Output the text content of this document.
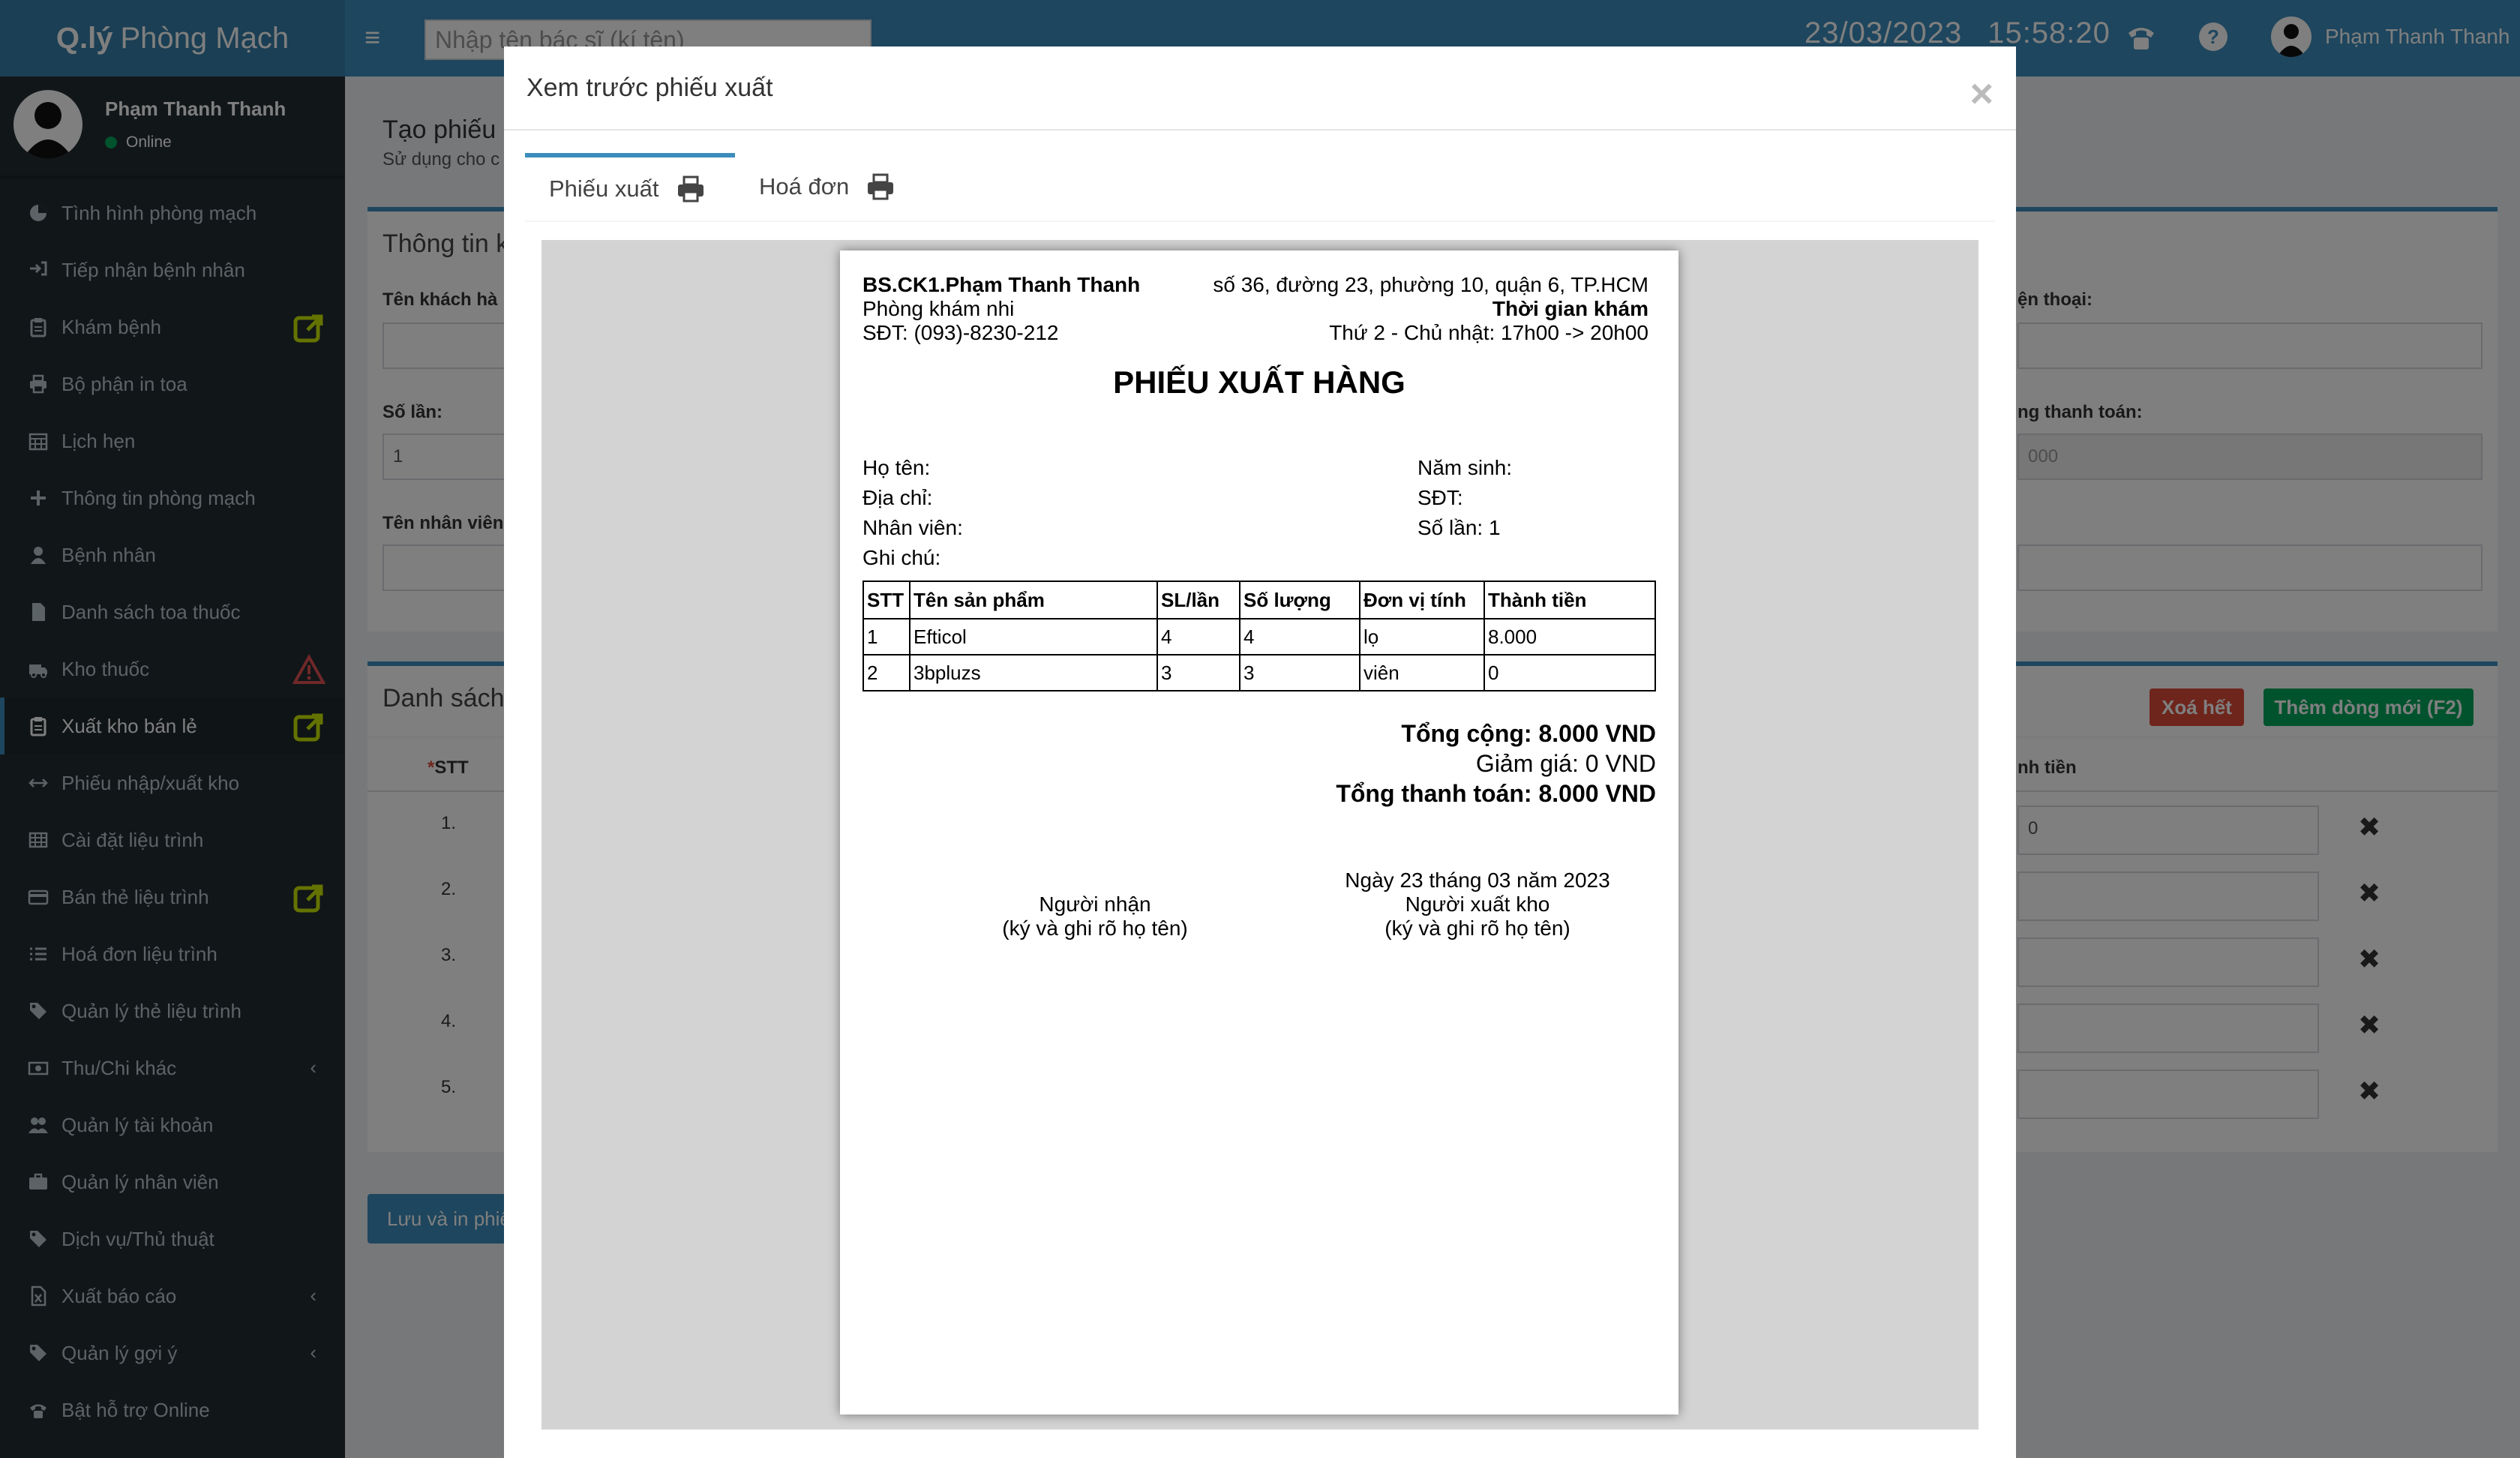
Xem trước phiếu xuất	×
Phiếu xuất	Hoá đơn
BS.CK1.Phạm Thanh Thanh
Phòng khám nhi
SĐT: (093)-8230-212
số 36, đường 23, phường 10, quận 6, TP.HCM
Thời gian khám
Thứ 2 - Chủ nhật: 17h00 -> 20h00
PHIẾU XUẤT HÀNG
Họ tên:
Địa chỉ:
Nhân viên:
Ghi chú:
Năm sinh:
SĐT:
Số lần: 1
STT	Tên sản phẩm	SL/lần	Số lượng	Đơn vị tính	Thành tiền
1	Efticol	4	4	lọ	8.000
2	3bpluzs	3	3	viên	0
Tổng cộng: 8.000 VND
Giảm giá: 0 VND
Tổng thanh toán: 8.000 VND
Người nhận
(ký và ghi rõ họ tên)
Ngày 23 tháng 03 năm 2023
Người xuất kho
(ký và ghi rõ họ tên)
